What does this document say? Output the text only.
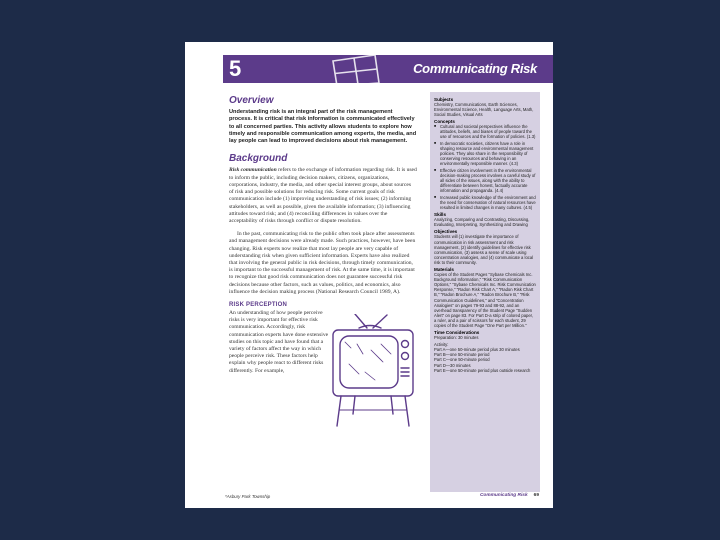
5	Communicating Risk
Overview

Understanding risk is an integral part of the risk management process. It is critical that risk information is communicated effectively to all concerned parties. This activity allows students to explore how timely and responsible communication among experts, the media, and lay people can lead to improved decisions about risk management.

Background

Risk communication refers to the exchange of information regarding risk. It is used to inform the public, including decision makers, citizens, organizations, corporations, industry, the media, and other special interest groups, about sources of risk and possible solutions for reducing risk. Some current goals of risk communication include (1) improving understanding of risk issues; (2) informing stakeholders, as well as possible, given the available information; (3) influencing attitudes toward risk; and (4) reconciling differences in values over the acceptability of risks through conflict or dispute resolution.

In the past, communicating risk to the public often took place after assessments and management decisions were already made. Such practices, however, have been changing. Risk experts now realize that most lay people are very capable of understanding risk when given sufficient information. Experts have also realized that involving the general public in risk decisions, through timely communication, is important to the successful management of risk. At the same time, it is important to recognize that good risk communication does not guarantee successful risk decisions because other factors, such as values, politics, and economics, also influence the decision making process (National Research Council 1989, A).

RISK PERCEPTION

An understanding of how people perceive risks is very important for effective risk communication. Accordingly, risk communication experts have done extensive studies on this topic and have found that a variety of factors affect the way in which people perceive risk. These factors help explain why people react to different risks differently. For example,

Subjects
Chemistry, Communications, Earth Sciences, Environmental Science, Health, Language Arts, Math, Social Studies, Visual Arts
Concepts
■ Cultural and societal perspectives influence the attitudes, beliefs, and biases of people toward the use of resources and the formation of policies. (1.3)
■ In democratic societies, citizens have a role in shaping resource and environmental management policies. They also share in the responsibility of conserving resources and behaving in an environmentally responsible manner. (4.3)
■ Effective citizen involvement in the environmental decision-making process involves a careful study of all sides of the issues, along with the ability to differentiate between honest, factually accurate information and propaganda. (4.4)
■ Increased public knowledge of the environment and the need for conservation of natural resources have resulted in limited changes in many cultures. (4.5)
Skills
Analyzing, Comparing and Contrasting, Discussing, Evaluating, Interpreting, Synthesizing and Drawing
Objectives
Students will (1) investigate the importance of communication in risk assessment and risk management, (2) identify guidelines for effective risk communication, (3) assess a sense of scale using concentration analogies, and (4) communicate a local risk to their community.
Materials
Copies of the Student Pages "Sybase Chemicals Inc. Background Information," "Risk Communication Options," "Sybase Chemicals Inc. Risk Communication Response," "Radon Risk Chart A," "Radon Risk Chart B," "Radon Brochure A," "Radon Brochure B," "Risk Communication Guidelines," and "Concentration Analogies" on pages 79-93 and 88-92, and an overhead transparency of the Student Page "Sudden Alert" on page 83. For Part D-a strip of colored paper, a ruler, and a pair of scissors for each student, 29 copies of the Student Page "One Part per Million."
Time Considerations
Preparation: 30 minutes
Activity:
Part A—one 50-minute period plus 30 minutes
Part B—one 50-minute period
Part C—one 50-minute period
Part D—30 minutes
Part E—one 50-minute period plus outside research
*Asbury Park Township	Communicating Risk 69
